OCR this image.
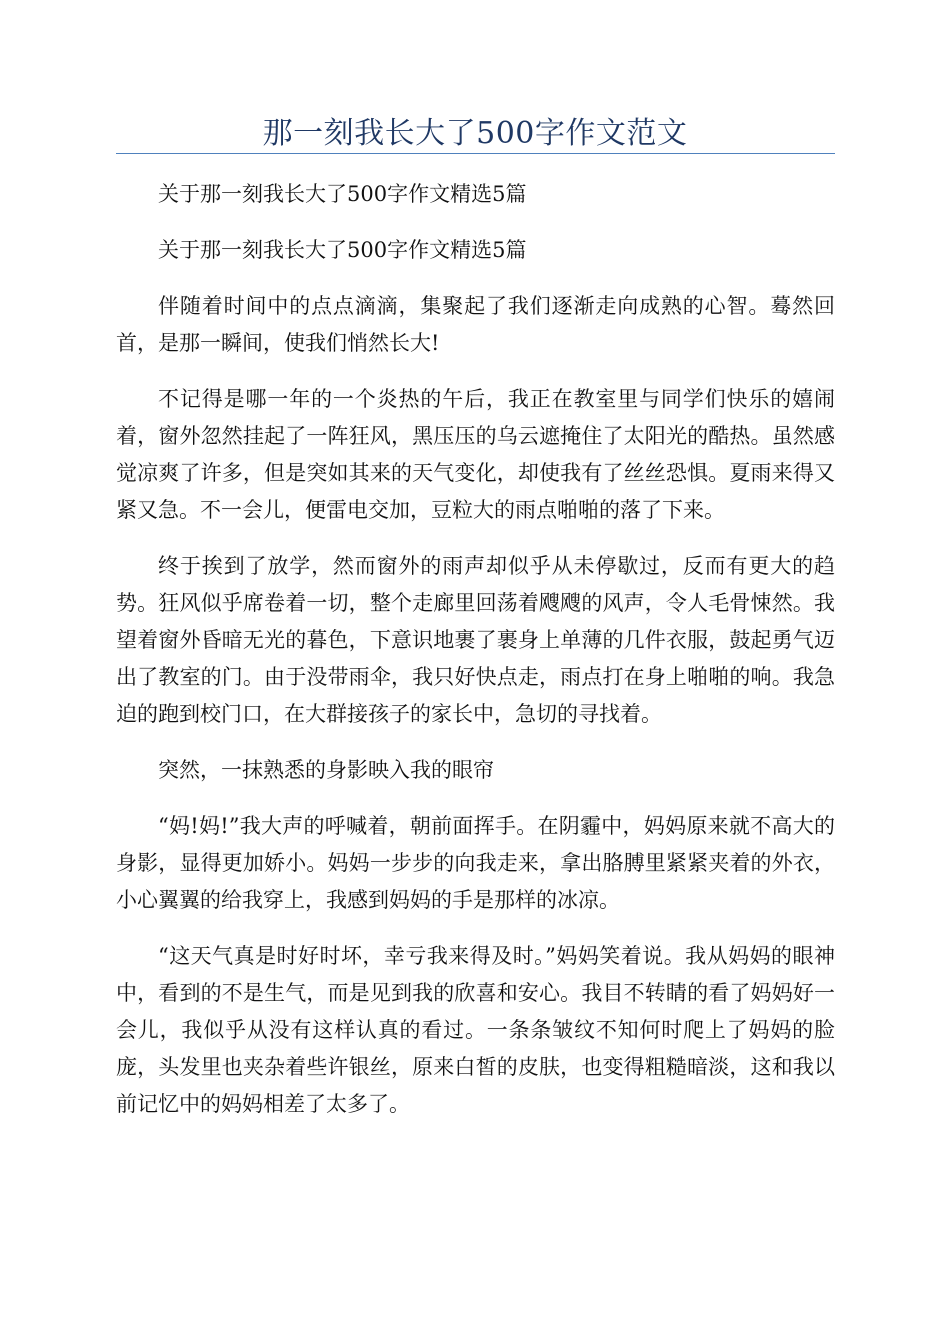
那一刻我长大了500字作文范文

关于那一刻我长大了500字作文精选5篇

关于那一刻我长大了500字作文精选5篇

伴随着时间中的点点滴滴，集聚起了我们逐渐走向成熟的心智。蓦然回首，是那一瞬间，使我们悄然长大!

不记得是哪一年的一个炎热的午后，我正在教室里与同学们快乐的嬉闹着，窗外忽然挂起了一阵狂风，黑压压的乌云遮掩住了太阳光的酷热。虽然感觉凉爽了许多，但是突如其来的天气变化，却使我有了丝丝恐惧。夏雨来得又紧又急。不一会儿，便雷电交加，豆粒大的雨点啪啪的落了下来。

终于挨到了放学，然而窗外的雨声却似乎从未停歇过，反而有更大的趋势。狂风似乎席卷着一切，整个走廊里回荡着飕飕的风声，令人毛骨悚然。我望着窗外昏暗无光的暮色，下意识地裹了裹身上单薄的几件衣服，鼓起勇气迈出了教室的门。由于没带雨伞，我只好快点走，雨点打在身上啪啪的响。我急迫的跑到校门口，在大群接孩子的家长中，急切的寻找着。

突然，一抹熟悉的身影映入我的眼帘

“妈!妈!”我大声的呼喊着，朝前面挥手。在阴霾中，妈妈原来就不高大的身影，显得更加娇小。妈妈一步步的向我走来，拿出胳膊里紧紧夹着的外衣，小心翼翼的给我穿上，我感到妈妈的手是那样的冰凉。

“这天气真是时好时坏，幸亏我来得及时。”妈妈笑着说。我从妈妈的眼神中，看到的不是生气，而是见到我的欣喜和安心。我目不转睛的看了妈妈好一会儿，我似乎从没有这样认真的看过。一条条皱纹不知何时爬上了妈妈的脸庞，头发里也夹杂着些许银丝，原来白皙的皮肤，也变得粗糙暗淡，这和我以前记忆中的妈妈相差了太多了。
